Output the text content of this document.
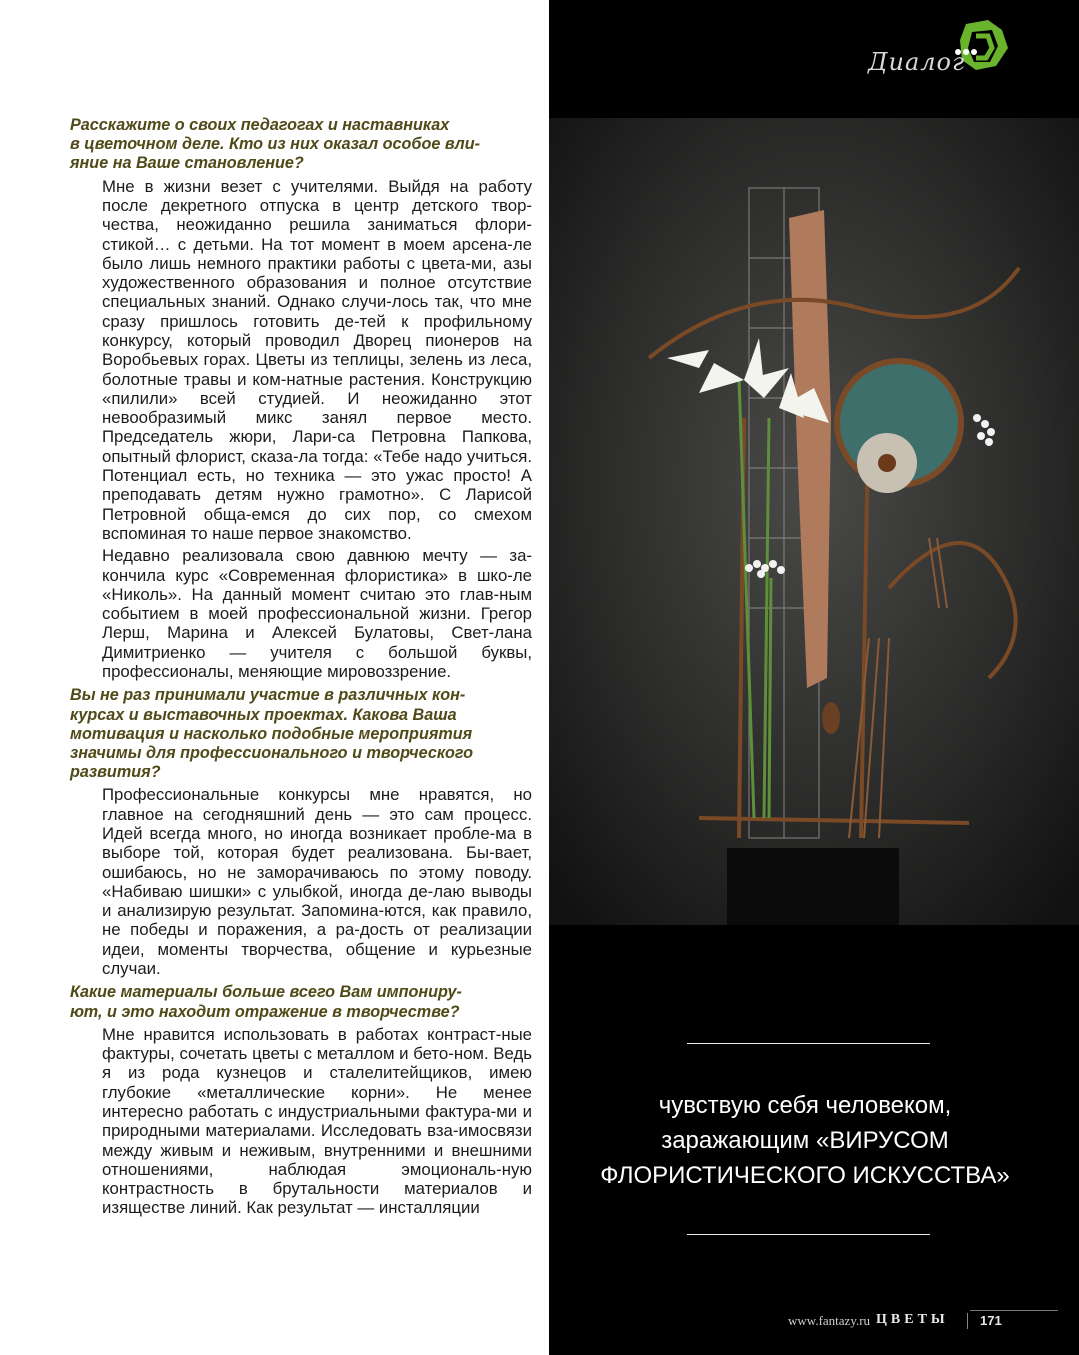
Расскажите о своих педагогах и наставниках
в цветочном деле. Кто из них оказал особое вли-
яние на Ваше становление?

Мне в жизни везет с учителями. Выйдя на работу после декретного отпуска в центр детского твор-чества, неожиданно решила заниматься флори-стикой… с детьми. На тот момент в моем арсена-ле было лишь немного практики работы с цвета-ми, азы художественного образования и полное отсутствие специальных знаний. Однако случи-лось так, что мне сразу пришлось готовить де-тей к профильному конкурсу, который проводил Дворец пионеров на Воробьевых горах. Цветы из теплицы, зелень из леса, болотные травы и ком-натные растения. Конструкцию «пилили» всей студией. И неожиданно этот невообразимый микс занял первое место. Председатель жюри, Лари-са Петровна Папкова, опытный флорист, сказа-ла тогда: «Тебе надо учиться. Потенциал есть, но техника — это ужас просто! А преподавать детям нужно грамотно». С Ларисой Петровной обща-емся до сих пор, со смехом вспоминая то наше первое знакомство.

Недавно реализовала свою давнюю мечту — за-кончила курс «Современная флористика» в шко-ле «Николь». На данный момент считаю это глав-ным событием в моей профессиональной жизни. Грегор Лерш, Марина и Алексей Булатовы, Свет-лана Димитриенко — учителя с большой буквы, профессионалы, меняющие мировоззрение.

Вы не раз принимали участие в различных кон-
курсах и выставочных проектах. Какова Ваша
мотивация и насколько подобные мероприятия
значимы для профессионального и творческого
развития?

Профессиональные конкурсы мне нравятся, но главное на сегодняшний день — это сам процесс. Идей всегда много, но иногда возникает пробле-ма в выборе той, которая будет реализована. Бы-вает, ошибаюсь, но не заморачиваюсь по этому поводу. «Набиваю шишки» с улыбкой, иногда де-лаю выводы и анализирую результат. Запомина-ются, как правило, не победы и поражения, а ра-дость от реализации идеи, моменты творчества, общение и курьезные случаи.

Какие материалы больше всего Вам импониру-
ют, и это находит отражение в творчестве?

Мне нравится использовать в работах контраст-ные фактуры, сочетать цветы с металлом и бето-ном. Ведь я из рода кузнецов и сталелитейщиков, имею глубокие «металлические корни». Не менее интересно работать с индустриальными фактура-ми и природными материалами. Исследовать вза-имосвязи между живым и неживым, внутренними и внешними отношениями, наблюдая эмоциональ-ную контрастность в брутальности материалов и изяществе линий. Как результат — инсталляции

Диалог
чувствую себя человеком,
заражающим «ВИРУСОМ
ФЛОРИСТИЧЕСКОГО ИСКУССТВА»
www.fantazy.ru ЦВЕТЫ 171
